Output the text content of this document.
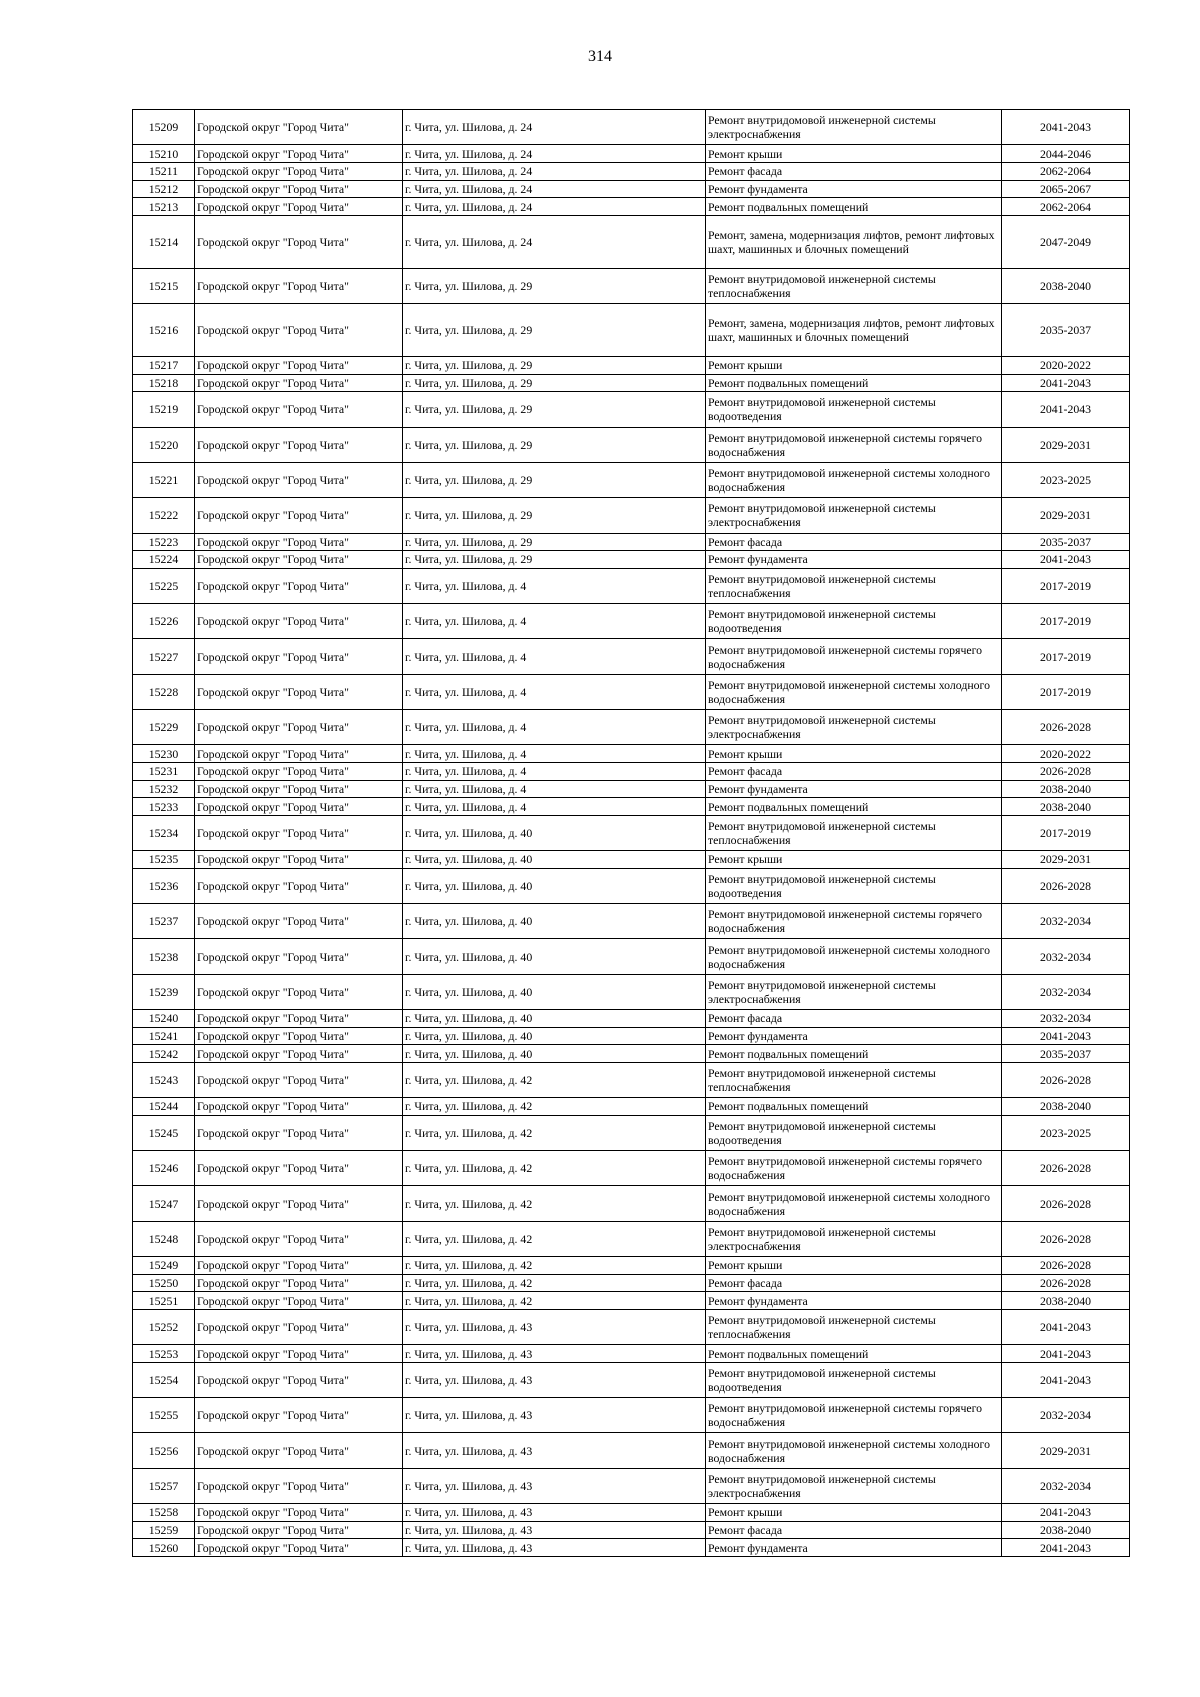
314
15209	Городской округ "Город Чита"	г. Чита, ул. Шилова, д. 24	Ремонт внутридомовой инженерной системы электроснабжения	2041-2043
15210	Городской округ "Город Чита"	г. Чита, ул. Шилова, д. 24	Ремонт крыши	2044-2046
15211	Городской округ "Город Чита"	г. Чита, ул. Шилова, д. 24	Ремонт фасада	2062-2064
15212	Городской округ "Город Чита"	г. Чита, ул. Шилова, д. 24	Ремонт фундамента	2065-2067
15213	Городской округ "Город Чита"	г. Чита, ул. Шилова, д. 24	Ремонт подвальных помещений	2062-2064
15214	Городской округ "Город Чита"	г. Чита, ул. Шилова, д. 24	Ремонт, замена, модернизация лифтов, ремонт лифтовых шахт, машинных и блочных помещений	2047-2049
15215	Городской округ "Город Чита"	г. Чита, ул. Шилова, д. 29	Ремонт внутридомовой инженерной системы теплоснабжения	2038-2040
15216	Городской округ "Город Чита"	г. Чита, ул. Шилова, д. 29	Ремонт, замена, модернизация лифтов, ремонт лифтовых шахт, машинных и блочных помещений	2035-2037
15217	Городской округ "Город Чита"	г. Чита, ул. Шилова, д. 29	Ремонт крыши	2020-2022
15218	Городской округ "Город Чита"	г. Чита, ул. Шилова, д. 29	Ремонт подвальных помещений	2041-2043
15219	Городской округ "Город Чита"	г. Чита, ул. Шилова, д. 29	Ремонт внутридомовой инженерной системы водоотведения	2041-2043
15220	Городской округ "Город Чита"	г. Чита, ул. Шилова, д. 29	Ремонт внутридомовой инженерной системы горячего водоснабжения	2029-2031
15221	Городской округ "Город Чита"	г. Чита, ул. Шилова, д. 29	Ремонт внутридомовой инженерной системы холодного водоснабжения	2023-2025
15222	Городской округ "Город Чита"	г. Чита, ул. Шилова, д. 29	Ремонт внутридомовой инженерной системы электроснабжения	2029-2031
15223	Городской округ "Город Чита"	г. Чита, ул. Шилова, д. 29	Ремонт фасада	2035-2037
15224	Городской округ "Город Чита"	г. Чита, ул. Шилова, д. 29	Ремонт фундамента	2041-2043
15225	Городской округ "Город Чита"	г. Чита, ул. Шилова, д. 4	Ремонт внутридомовой инженерной системы теплоснабжения	2017-2019
15226	Городской округ "Город Чита"	г. Чита, ул. Шилова, д. 4	Ремонт внутридомовой инженерной системы водоотведения	2017-2019
15227	Городской округ "Город Чита"	г. Чита, ул. Шилова, д. 4	Ремонт внутридомовой инженерной системы горячего водоснабжения	2017-2019
15228	Городской округ "Город Чита"	г. Чита, ул. Шилова, д. 4	Ремонт внутридомовой инженерной системы холодного водоснабжения	2017-2019
15229	Городской округ "Город Чита"	г. Чита, ул. Шилова, д. 4	Ремонт внутридомовой инженерной системы электроснабжения	2026-2028
15230	Городской округ "Город Чита"	г. Чита, ул. Шилова, д. 4	Ремонт крыши	2020-2022
15231	Городской округ "Город Чита"	г. Чита, ул. Шилова, д. 4	Ремонт фасада	2026-2028
15232	Городской округ "Город Чита"	г. Чита, ул. Шилова, д. 4	Ремонт фундамента	2038-2040
15233	Городской округ "Город Чита"	г. Чита, ул. Шилова, д. 4	Ремонт подвальных помещений	2038-2040
15234	Городской округ "Город Чита"	г. Чита, ул. Шилова, д. 40	Ремонт внутридомовой инженерной системы теплоснабжения	2017-2019
15235	Городской округ "Город Чита"	г. Чита, ул. Шилова, д. 40	Ремонт крыши	2029-2031
15236	Городской округ "Город Чита"	г. Чита, ул. Шилова, д. 40	Ремонт внутридомовой инженерной системы водоотведения	2026-2028
15237	Городской округ "Город Чита"	г. Чита, ул. Шилова, д. 40	Ремонт внутридомовой инженерной системы горячего водоснабжения	2032-2034
15238	Городской округ "Город Чита"	г. Чита, ул. Шилова, д. 40	Ремонт внутридомовой инженерной системы холодного водоснабжения	2032-2034
15239	Городской округ "Город Чита"	г. Чита, ул. Шилова, д. 40	Ремонт внутридомовой инженерной системы электроснабжения	2032-2034
15240	Городской округ "Город Чита"	г. Чита, ул. Шилова, д. 40	Ремонт фасада	2032-2034
15241	Городской округ "Город Чита"	г. Чита, ул. Шилова, д. 40	Ремонт фундамента	2041-2043
15242	Городской округ "Город Чита"	г. Чита, ул. Шилова, д. 40	Ремонт подвальных помещений	2035-2037
15243	Городской округ "Город Чита"	г. Чита, ул. Шилова, д. 42	Ремонт внутридомовой инженерной системы теплоснабжения	2026-2028
15244	Городской округ "Город Чита"	г. Чита, ул. Шилова, д. 42	Ремонт подвальных помещений	2038-2040
15245	Городской округ "Город Чита"	г. Чита, ул. Шилова, д. 42	Ремонт внутридомовой инженерной системы водоотведения	2023-2025
15246	Городской округ "Город Чита"	г. Чита, ул. Шилова, д. 42	Ремонт внутридомовой инженерной системы горячего водоснабжения	2026-2028
15247	Городской округ "Город Чита"	г. Чита, ул. Шилова, д. 42	Ремонт внутридомовой инженерной системы холодного водоснабжения	2026-2028
15248	Городской округ "Город Чита"	г. Чита, ул. Шилова, д. 42	Ремонт внутридомовой инженерной системы электроснабжения	2026-2028
15249	Городской округ "Город Чита"	г. Чита, ул. Шилова, д. 42	Ремонт крыши	2026-2028
15250	Городской округ "Город Чита"	г. Чита, ул. Шилова, д. 42	Ремонт фасада	2026-2028
15251	Городской округ "Город Чита"	г. Чита, ул. Шилова, д. 42	Ремонт фундамента	2038-2040
15252	Городской округ "Город Чита"	г. Чита, ул. Шилова, д. 43	Ремонт внутридомовой инженерной системы теплоснабжения	2041-2043
15253	Городской округ "Город Чита"	г. Чита, ул. Шилова, д. 43	Ремонт подвальных помещений	2041-2043
15254	Городской округ "Город Чита"	г. Чита, ул. Шилова, д. 43	Ремонт внутридомовой инженерной системы водоотведения	2041-2043
15255	Городской округ "Город Чита"	г. Чита, ул. Шилова, д. 43	Ремонт внутридомовой инженерной системы горячего водоснабжения	2032-2034
15256	Городской округ "Город Чита"	г. Чита, ул. Шилова, д. 43	Ремонт внутридомовой инженерной системы холодного водоснабжения	2029-2031
15257	Городской округ "Город Чита"	г. Чита, ул. Шилова, д. 43	Ремонт внутридомовой инженерной системы электроснабжения	2032-2034
15258	Городской округ "Город Чита"	г. Чита, ул. Шилова, д. 43	Ремонт крыши	2041-2043
15259	Городской округ "Город Чита"	г. Чита, ул. Шилова, д. 43	Ремонт фасада	2038-2040
15260	Городской округ "Город Чита"	г. Чита, ул. Шилова, д. 43	Ремонт фундамента	2041-2043
